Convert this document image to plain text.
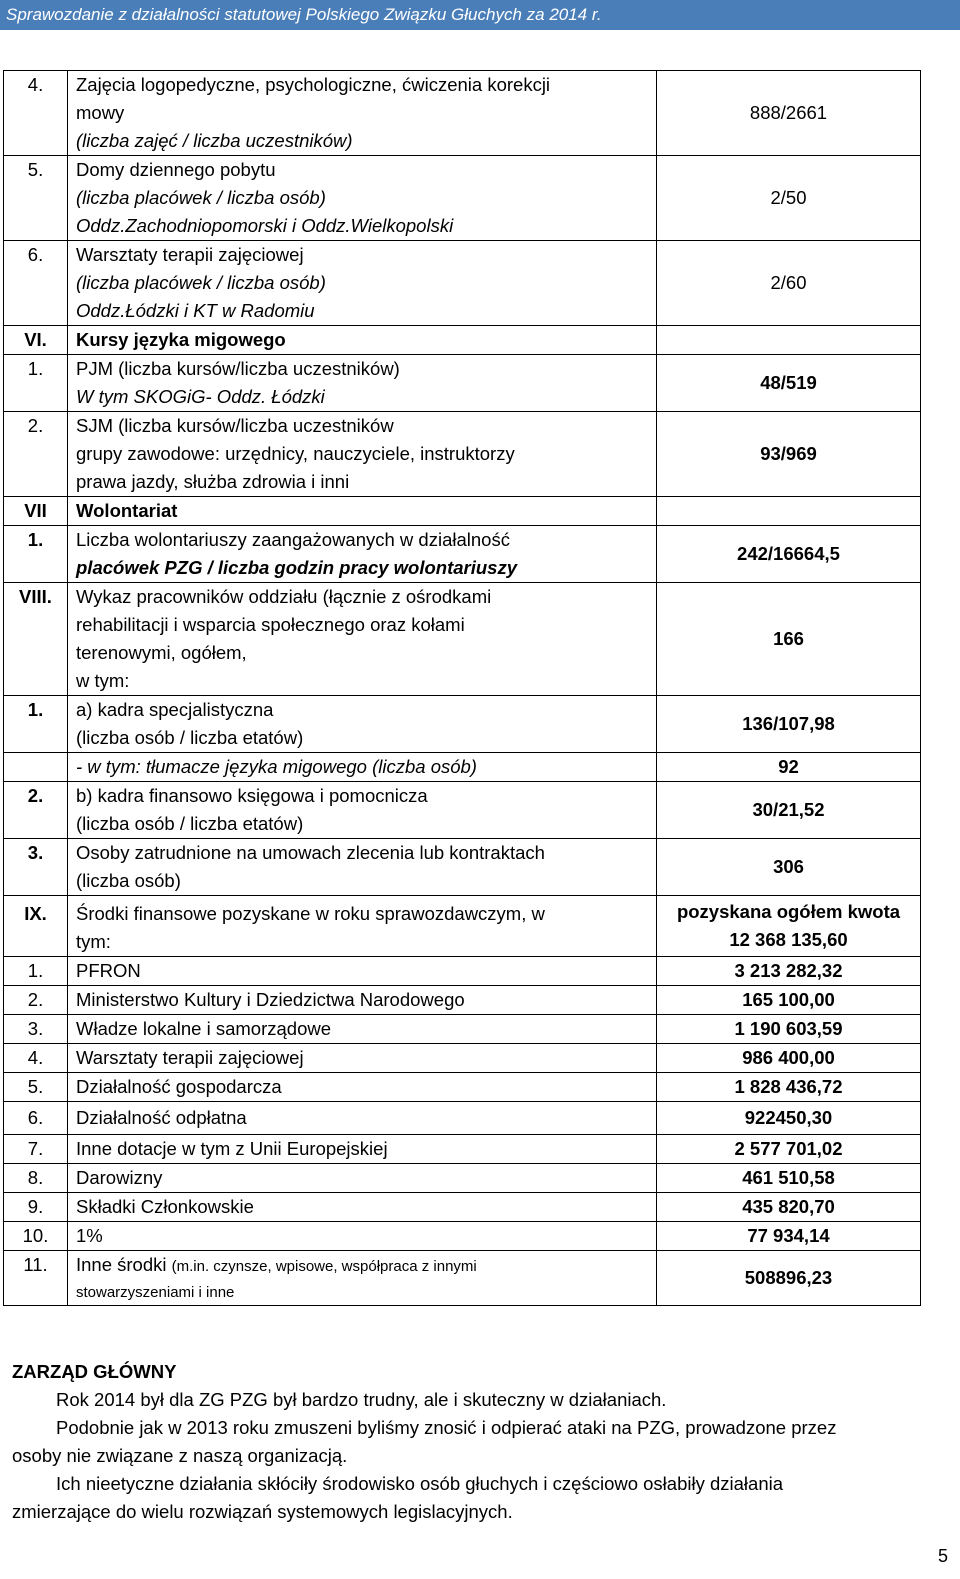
Sprawozdanie z działalności statutowej Polskiego Związku Głuchych za 2014 r.
4.	Zajęcia logopedyczne, psychologiczne, ćwiczenia korekcji
mowy
(liczba zajęć / liczba uczestników)	888/2661

5.	Domy dziennego pobytu
(liczba placówek / liczba osób)
Oddz.Zachodniopomorski i Oddz.Wielkopolski	2/50

6.	Warsztaty terapii zajęciowej
(liczba placówek / liczba osób)
Oddz.Łódzki i KT w Radomiu	2/60

VI.	Kursy języka migowego	

1.	PJM (liczba kursów/liczba uczestników)
W tym SKOGiG- Oddz. Łódzki	48/519

2.	SJM (liczba kursów/liczba uczestników
grupy zawodowe: urzędnicy, nauczyciele, instruktorzy
prawa jazdy, służba zdrowia i inni	93/969

VII	Wolontariat	

1.	Liczba wolontariuszy zaangażowanych w działalność
placówek PZG / liczba godzin pracy wolontariuszy	242/16664,5

VIII.	Wykaz pracowników oddziału (łącznie z ośrodkami
rehabilitacji i wsparcia społecznego oraz kołami
terenowymi, ogółem,
w tym:	166

1.	a) kadra specjalistyczna
(liczba osób / liczba etatów)	136/107,98

	- w tym: tłumacze języka migowego (liczba osób)	92

2.	b) kadra finansowo księgowa i pomocnicza
(liczba osób / liczba etatów)	30/21,52

3.	Osoby zatrudnione na umowach zlecenia lub kontraktach
(liczba osób)	306

IX.	Środki finansowe pozyskane w roku sprawozdawczym, w
tym:	pozyskana ogółem kwota
12 368 135,60

1.	PFRON	3 213 282,32

2.	Ministerstwo Kultury i Dziedzictwa Narodowego	165 100,00

3.	Władze lokalne i samorządowe	1 190 603,59

4.	Warsztaty terapii zajęciowej	986 400,00

5.	Działalność gospodarcza	1 828 436,72

6.	Działalność odpłatna	922450,30

7.	Inne dotacje w tym z Unii Europejskiej	2 577 701,02

8.	Darowizny	461 510,58

9.	Składki Członkowskie	435 820,70

10.	1%	77 934,14

11.	Inne środki (m.in. czynsze, wpisowe, współpraca z innymi
stowarzyszeniami i inne	508896,23
ZARZĄD GŁÓWNY
Rok 2014 był dla ZG PZG był bardzo trudny, ale i skuteczny w działaniach.
Podobnie jak w 2013 roku zmuszeni byliśmy znosić i odpierać ataki na PZG, prowadzone przez
osoby nie związane z naszą organizacją.
Ich nieetyczne działania skłóciły środowisko osób głuchych i częściowo osłabiły działania
zmierzające do wielu rozwiązań systemowych legislacyjnych.
5
